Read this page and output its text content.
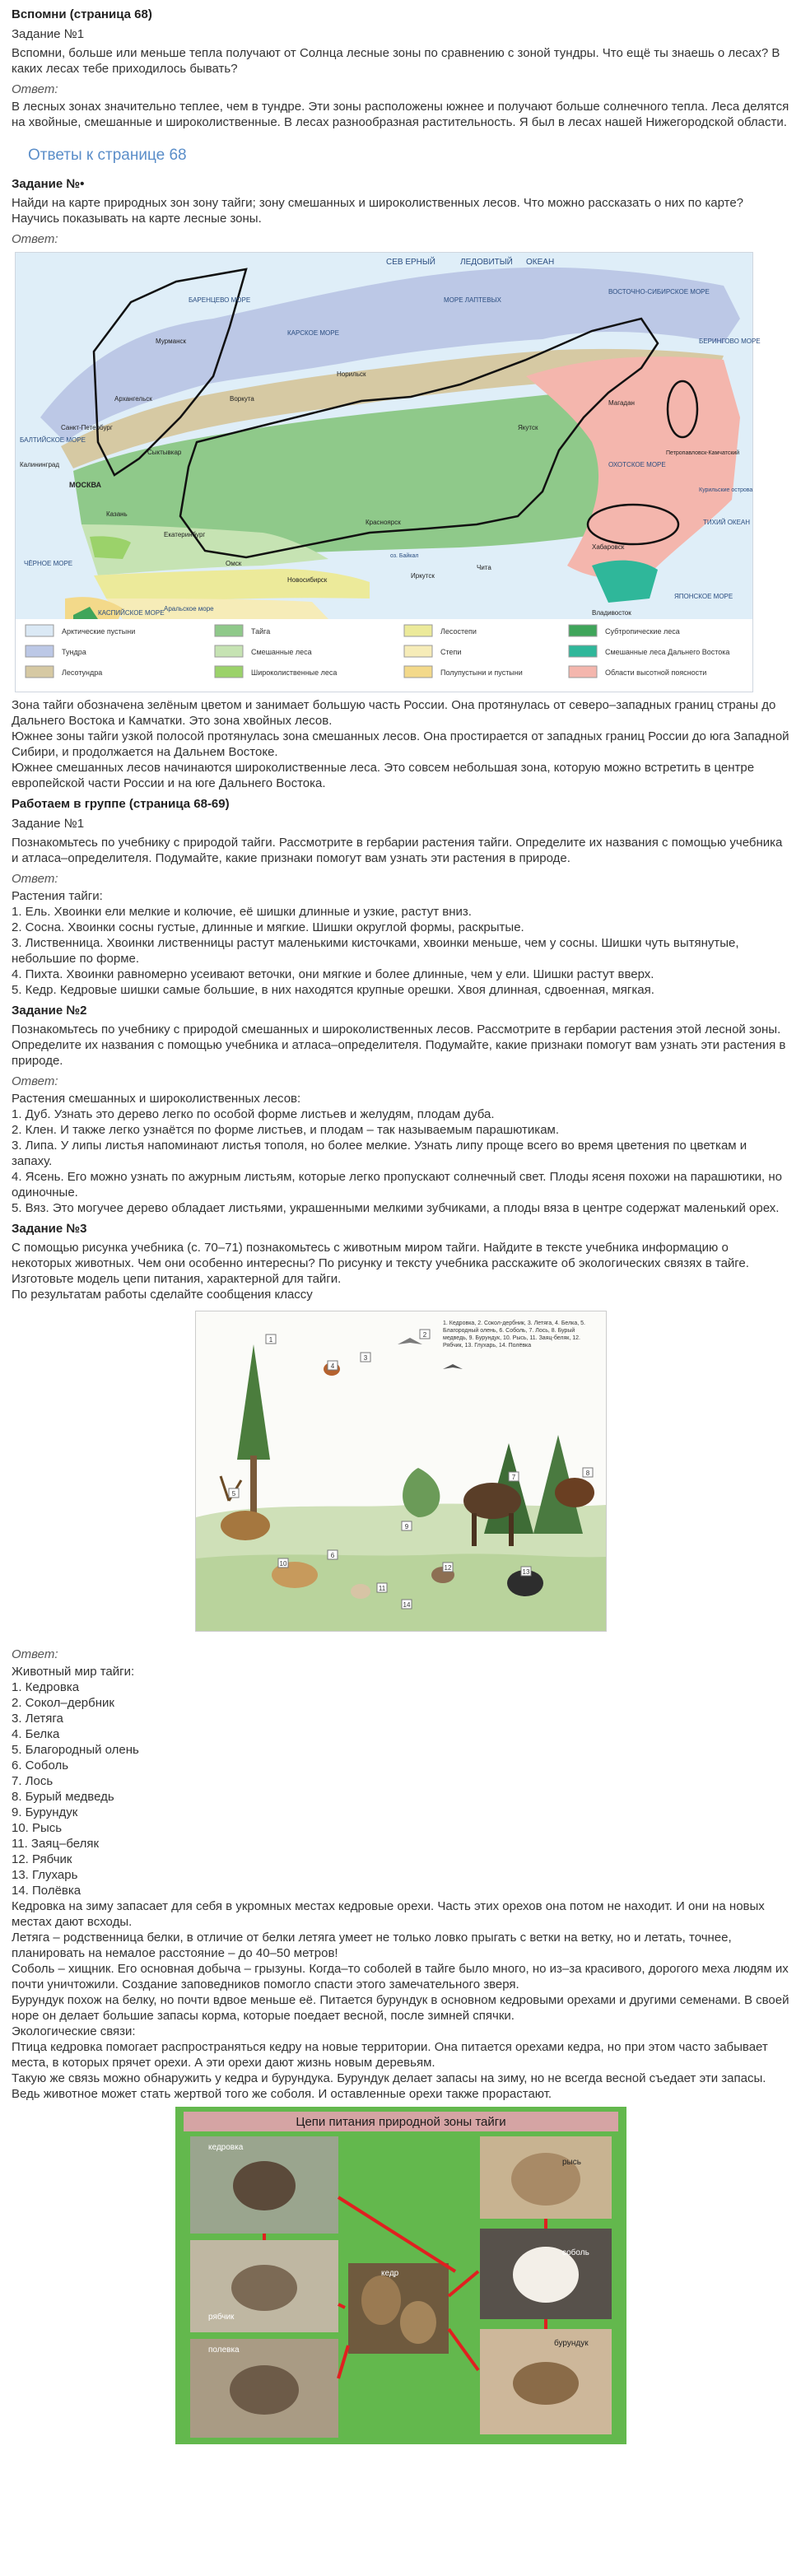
Вспомни (страница 68)

Задание №1

Вспомни, больше или меньше тепла получают от Солнца лесные зоны по сравнению с зоной тундры. Что ещё ты знаешь о лесах? В каких лесах тебе приходилось бывать?

Ответ:

В лесных зонах значительно теплее, чем в тундре. Эти зоны расположены южнее и получают больше солнечного тепла. Леса делятся на хвойные, смешанные и широколиственные. В лесах разнообразная растительность. Я был в лесах нашей Нижегородской области.

Ответы к странице 68

Задание №•

Найди на карте природных зон зону тайги; зону смешанных и широколиственных лесов. Что можно рассказать о них по карте? Научись показывать на карте лесные зоны.

Ответ:

СЕВ ЕРНЫЙ	ЛЕДОВИТЫЙ ОКЕАН
БАРЕНЦЕВО МОРЕ
КАРСКОЕ МОРЕ
МОРЕ ЛАПТЕВЫХ
ВОСТОЧНО-СИБИРСКОЕ МОРЕ
ОХОТСКОЕ МОРЕ
БЕРИНГОВО МОРЕ
ЯПОНСКОЕ МОРЕ
ТИХИЙ ОКЕАН
БАЛТИЙСКОЕ МОРЕ
ЧЁРНОЕ МОРЕ
КАСПИЙСКОЕ МОРЕ
Аральское море
МОСКВА
Мурманск
Архангельск	Воркута
Норильск
Якутск
Магадан
Красноярск
Новосибирск
Иркутск
Чита
Владивосток
Хабаровск
Омск
Екатеринбург
Казань
Санкт-Петербург
Сыктывкар
Калининград
Петропавловск-Камчатский
оз. Байкал
Курильские острова
Арктические пустыни
Тундра
Лесотундра
Тайга
Смешанные леса
Широколиственные леса
Лесостепи
Степи
Полупустыни и пустыни
Субтропические леса
Смешанные леса Дальнего Востока
Области высотной поясности

Зона тайги обозначена зелёным цветом и занимает большую часть России. Она протянулась от северо–западных границ страны до Дальнего Востока и Камчатки. Это зона хвойных лесов.

Южнее зоны тайги узкой полосой протянулась зона смешанных лесов. Она простирается от западных границ России до юга Западной Сибири, и продолжается на Дальнем Востоке.

Южнее смешанных лесов начинаются широколиственные леса. Это совсем небольшая зона, которую можно встретить в центре европейской части России и на юге Дальнего Востока.

Работаем в группе (страница 68-69)

Задание №1

Познакомьтесь по учебнику с природой тайги. Рассмотрите в гербарии растения тайги. Определите их названия с помощью учебника и атласа–определителя. Подумайте, какие признаки помогут вам узнать эти растения в природе.

Ответ:

Растения тайги:
1. Ель. Хвоинки ели мелкие и колючие, её шишки длинные и узкие, растут вниз.
2. Сосна. Хвоинки сосны густые, длинные и мягкие. Шишки округлой формы, раскрытые.
3. Лиственница. Хвоинки лиственницы растут маленькими кисточками, хвоинки меньше, чем у сосны. Шишки чуть вытянутые, небольшие по форме.
4. Пихта. Хвоинки равномерно усеивают веточки, они мягкие и более длинные, чем у ели. Шишки растут вверх.
5. Кедр. Кедровые шишки самые большие, в них находятся крупные орешки. Хвоя длинная, сдвоенная, мягкая.

Задание №2

Познакомьтесь по учебнику с природой смешанных и широколиственных лесов. Рассмотрите в гербарии растения этой лесной зоны. Определите их названия с помощью учебника и атласа–определителя. Подумайте, какие признаки помогут вам узнать эти растения в природе.

Ответ:

Растения смешанных и широколиственных лесов:
1. Дуб. Узнать это дерево легко по особой форме листьев и желудям, плодам дуба.
2. Клен. И также легко узнаётся по форме листьев, и плодам – так называемым парашютикам.
3. Липа. У липы листья напоминают листья тополя, но более мелкие. Узнать липу проще всего во время цветения по цветкам и запаху.
4. Ясень. Его можно узнать по ажурным листьям, которые легко пропускают солнечный свет. Плоды ясеня похожи на парашютики, но одиночные.
5. Вяз. Это могучее дерево обладает листьями, украшенными мелкими зубчиками, а плоды вяза в центре содержат маленький орех.

Задание №3

С помощью рисунка учебника (с. 70–71) познакомьтесь с животным миром тайги. Найдите в тексте учебника информацию о некоторых животных. Чем они особенно интересны? По рисунку и тексту учебника расскажите об экологических связях в тайге. Изготовьте модель цепи питания, характерной для тайги.

По результатам работы сделайте сообщения классу

1
2
3
4
5
6
7
8
9
10
11
12
13
14
1. Кедровка, 2. Сокол-дербник, 3. Летяга, 4. Белка, 5. Благородный олень, 6. Соболь, 7. Лось, 8. Бурый медведь, 9. Бурундук, 10. Рысь, 11. Заяц-беляк, 12. Рябчик, 13. Глухарь, 14. Полёвка

Ответ:

Животный мир тайги:
1. Кедровка
2. Сокол–дербник
3. Летяга
4. Белка
5. Благородный олень
6. Соболь
7. Лось
8. Бурый медведь
9. Бурундук
10. Рысь
11. Заяц–беляк
12. Рябчик
13. Глухарь
14. Полёвка
Кедровка на зиму запасает для себя в укромных местах кедровые орехи. Часть этих орехов она потом не находит. И они на новых местах дают всходы.
Летяга – родственница белки, в отличие от белки летяга умеет не только ловко прыгать с ветки на ветку, но и летать, точнее, планировать на немалое расстояние – до 40–50 метров!
Соболь – хищник. Его основная добыча – грызуны. Когда–то соболей в тайге было много, но из–за красивого, дорогого меха людям их почти уничтожили. Создание заповедников помогло спасти этого замечательного зверя.
Бурундук похож на белку, но почти вдвое меньше её. Питается бурундук в основном кедровыми орехами и другими семенами. В своей норе он делает большие запасы корма, которые поедает весной, после зимней спячки.
Экологические связи:
Птица кедровка помогает распространяться кедру на новые территории. Она питается орехами кедра, но при этом часто забывает места, в которых прячет орехи. А эти орехи дают жизнь новым деревьям.
Такую же связь можно обнаружить у кедра и бурундука. Бурундук делает запасы на зиму, но не всегда весной съедает эти запасы. Ведь животное может стать жертвой того же соболя. И оставленные орехи также прорастают.
Цепи питания природной зоны тайги
кедровка
рябчик
полевка
рысь
соболь
бурундук
кедр
